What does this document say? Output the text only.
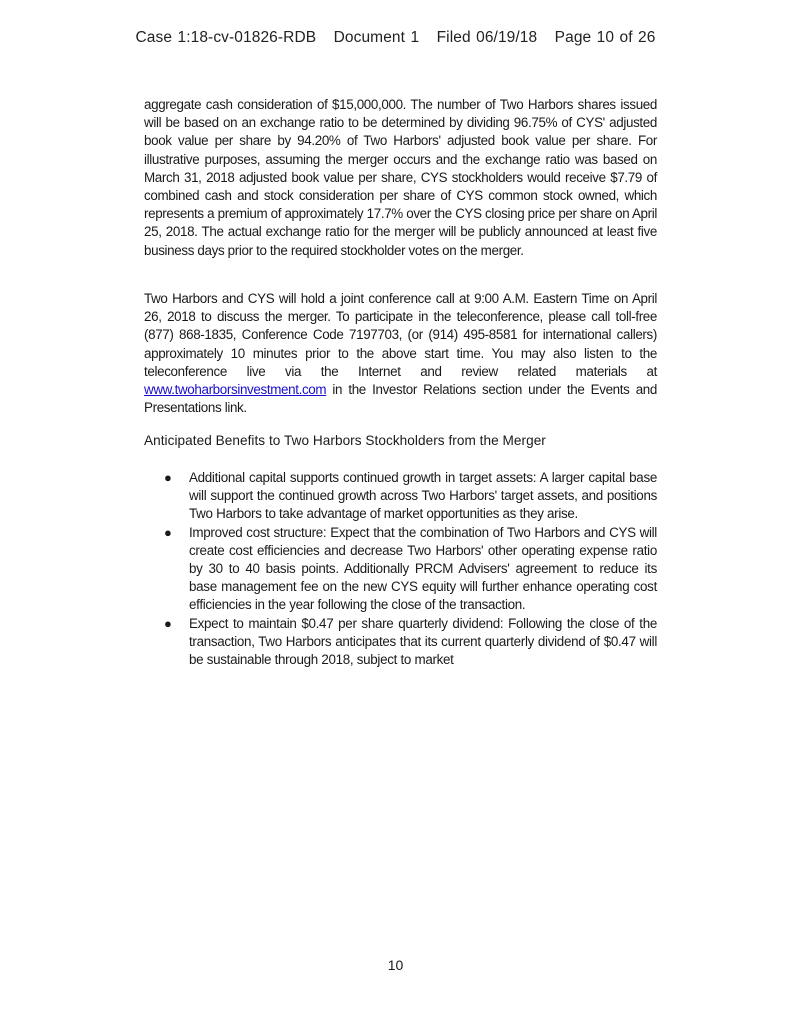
Case 1:18-cv-01826-RDB Document 1 Filed 06/19/18 Page 10 of 26

aggregate cash consideration of $15,000,000. The number of Two Harbors shares issued will be based on an exchange ratio to be determined by dividing 96.75% of CYS' adjusted book value per share by 94.20% of Two Harbors' adjusted book value per share. For illustrative purposes, assuming the merger occurs and the exchange ratio was based on March 31, 2018 adjusted book value per share, CYS stockholders would receive $7.79 of combined cash and stock consideration per share of CYS common stock owned, which represents a premium of approximately 17.7% over the CYS closing price per share on April 25, 2018. The actual exchange ratio for the merger will be publicly announced at least five business days prior to the required stockholder votes on the merger.

Two Harbors and CYS will hold a joint conference call at 9:00 A.M. Eastern Time on April 26, 2018 to discuss the merger. To participate in the teleconference, please call toll-free (877) 868-1835, Conference Code 7197703, (or (914) 495-8581 for international callers) approximately 10 minutes prior to the above start time. You may also listen to the teleconference live via the Internet and review related materials at www.twoharborsinvestment.com in the Investor Relations section under the Events and Presentations link.

Anticipated Benefits to Two Harbors Stockholders from the Merger
● Additional capital supports continued growth in target assets: A larger capital base will support the continued growth across Two Harbors' target assets, and positions Two Harbors to take advantage of market opportunities as they arise.
● Improved cost structure: Expect that the combination of Two Harbors and CYS will create cost efficiencies and decrease Two Harbors' other operating expense ratio by 30 to 40 basis points. Additionally PRCM Advisers' agreement to reduce its base management fee on the new CYS equity will further enhance operating cost efficiencies in the year following the close of the transaction.
● Expect to maintain $0.47 per share quarterly dividend: Following the close of the transaction, Two Harbors anticipates that its current quarterly dividend of $0.47 will be sustainable through 2018, subject to market
10
